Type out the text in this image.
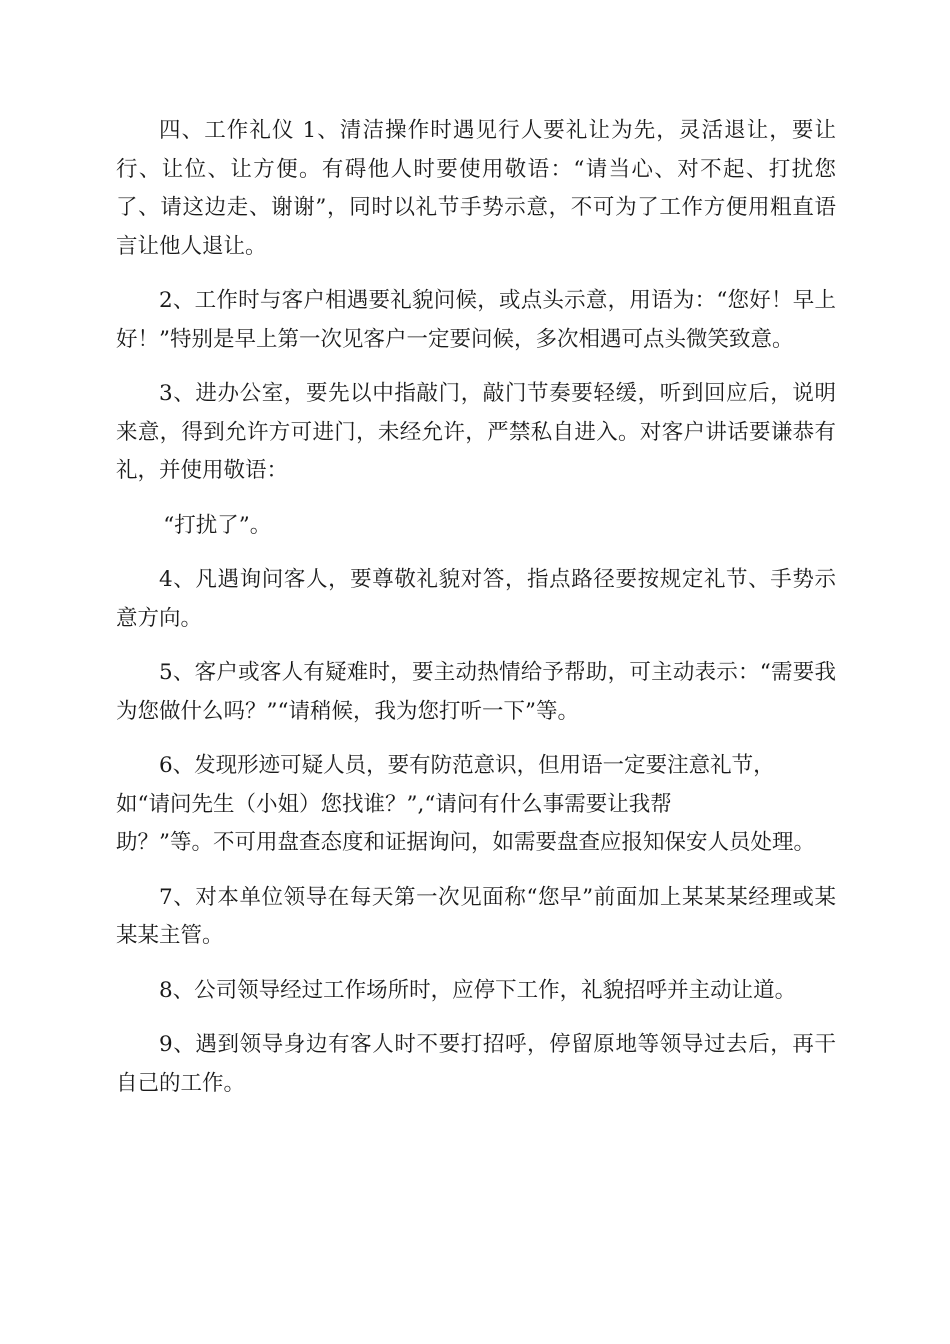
四、工作礼仪 1、清洁操作时遇见行人要礼让为先，灵活退让，要让行、让位、让方便。有碍他人时要使用敬语：“请当心、对不起、打扰您了、请这边走、谢谢”，同时以礼节手势示意，不可为了工作方便用粗直语言让他人退让。

2、工作时与客户相遇要礼貌问候，或点头示意，用语为：“您好！早上好！”特别是早上第一次见客户一定要问候，多次相遇可点头微笑致意。

3、进办公室，要先以中指敲门，敲门节奏要轻缓，听到回应后，说明来意，得到允许方可进门，未经允许，严禁私自进入。对客户讲话要谦恭有礼，并使用敬语：

“打扰了”。

4、凡遇询问客人，要尊敬礼貌对答，指点路径要按规定礼节、手势示意方向。

5、客户或客人有疑难时，要主动热情给予帮助，可主动表示：“需要我为您做什么吗？”“请稍候，我为您打听一下”等。

6、发现形迹可疑人员，要有防范意识，但用语一定要注意礼节，
如“请问先生（小姐）您找谁？”,“请问有什么事需要让我帮
助？”等。不可用盘查态度和证据询问，如需要盘查应报知保安人员处理。

7、对本单位领导在每天第一次见面称“您早”前面加上某某某经理或某某某主管。

8、公司领导经过工作场所时，应停下工作，礼貌招呼并主动让道。

9、遇到领导身边有客人时不要打招呼，停留原地等领导过去后，再干自己的工作。
